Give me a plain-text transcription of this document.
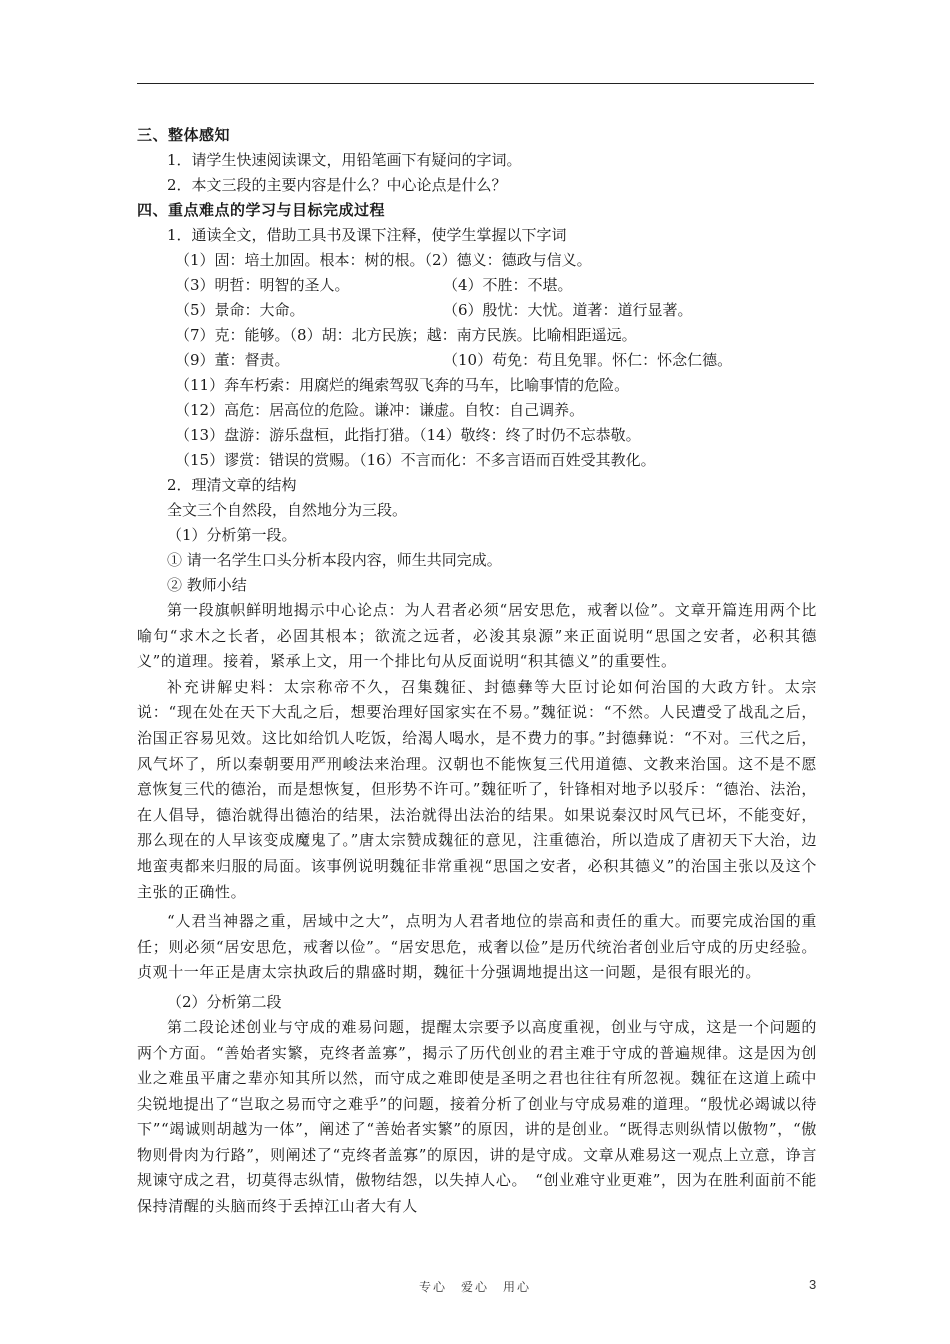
三、整体感知
1．请学生快速阅读课文，用铅笔画下有疑问的字词。
2．本文三段的主要内容是什么？中心论点是什么？
四、重点难点的学习与目标完成过程
1．通读全文，借助工具书及课下注释，使学生掌握以下字词
（1）固：培土加固。根本：树的根。（2）德义：德政与信义。
（3）明哲：明智的圣人。	（4）不胜：不堪。
（5）景命：大命。	（6）殷忧：大忧。道著：道行显著。
（7）克：能够。（8）胡：北方民族；越：南方民族。比喻相距遥远。
（9）董：督责。	（10）苟免：苟且免罪。怀仁：怀念仁德。
（11）奔车朽索：用腐烂的绳索驾驭飞奔的马车，比喻事情的危险。
（12）高危：居高位的危险。谦冲：谦虚。自牧：自己调养。
（13）盘游：游乐盘桓，此指打猎。（14）敬终：终了时仍不忘恭敬。
（15）谬赏：错误的赏赐。（16）不言而化：不多言语而百姓受其教化。
2．理清文章的结构
全文三个自然段，自然地分为三段。
（1）分析第一段。
① 请一名学生口头分析本段内容，师生共同完成。
② 教师小结
第一段旗帜鲜明地揭示中心论点：为人君者必须“居安思危，戒奢以俭”。文章开篇连用两个比喻句“求木之长者，必固其根本；欲流之远者，必浚其泉源”来正面说明“思国之安者，必积其德义”的道理。接着，紧承上文，用一个排比句从反面说明“积其德义”的重要性。
补充讲解史料：太宗称帝不久，召集魏征、封德彝等大臣讨论如何治国的大政方针。太宗说：“现在处在天下大乱之后，想要治理好国家实在不易。”魏征说：“不然。人民遭受了战乱之后，治国正容易见效。这比如给饥人吃饭，给渴人喝水，是不费力的事。”封德彝说：“不对。三代之后，风气坏了，所以秦朝要用严刑峻法来治理。汉朝也不能恢复三代用道德、文教来治国。这不是不愿意恢复三代的德治，而是想恢复，但形势不许可。”魏征听了，针锋相对地予以驳斥：“德治、法治，在人倡导，德治就得出德治的结果，法治就得出法治的结果。如果说秦汉时风气已坏，不能变好，那么现在的人早该变成魔鬼了。”唐太宗赞成魏征的意见，注重德治，所以造成了唐初天下大治，边地蛮夷都来归服的局面。该事例说明魏征非常重视“思国之安者，必积其德义”的治国主张以及这个主张的正确性。
“人君当神器之重，居域中之大”，点明为人君者地位的崇高和责任的重大。而要完成治国的重任；则必须“居安思危，戒奢以俭”。“居安思危，戒奢以俭”是历代统治者创业后守成的历史经验。贞观十一年正是唐太宗执政后的鼎盛时期，魏征十分强调地提出这一问题，是很有眼光的。
（2）分析第二段
第二段论述创业与守成的难易问题，提醒太宗要予以高度重视，创业与守成，这是一个问题的两个方面。“善始者实繁，克终者盖寡”，揭示了历代创业的君主难于守成的普遍规律。这是因为创业之难虽平庸之辈亦知其所以然，而守成之难即使是圣明之君也往往有所忽视。魏征在这道上疏中尖锐地提出了“岂取之易而守之难乎”的问题，接着分析了创业与守成易难的道理。“殷忧必竭诚以待下”“竭诚则胡越为一体”，阐述了“善始者实繁”的原因，讲的是创业。“既得志则纵情以傲物”，“傲物则骨肉为行路”，则阐述了“克终者盖寡”的原因，讲的是守成。文章从难易这一观点上立意，诤言规谏守成之君，切莫得志纵情，傲物结怨，以失掉人心。　“创业难守业更难”，因为在胜利面前不能保持清醒的头脑而终于丢掉江山者大有人
专心　爱心　用心	3
